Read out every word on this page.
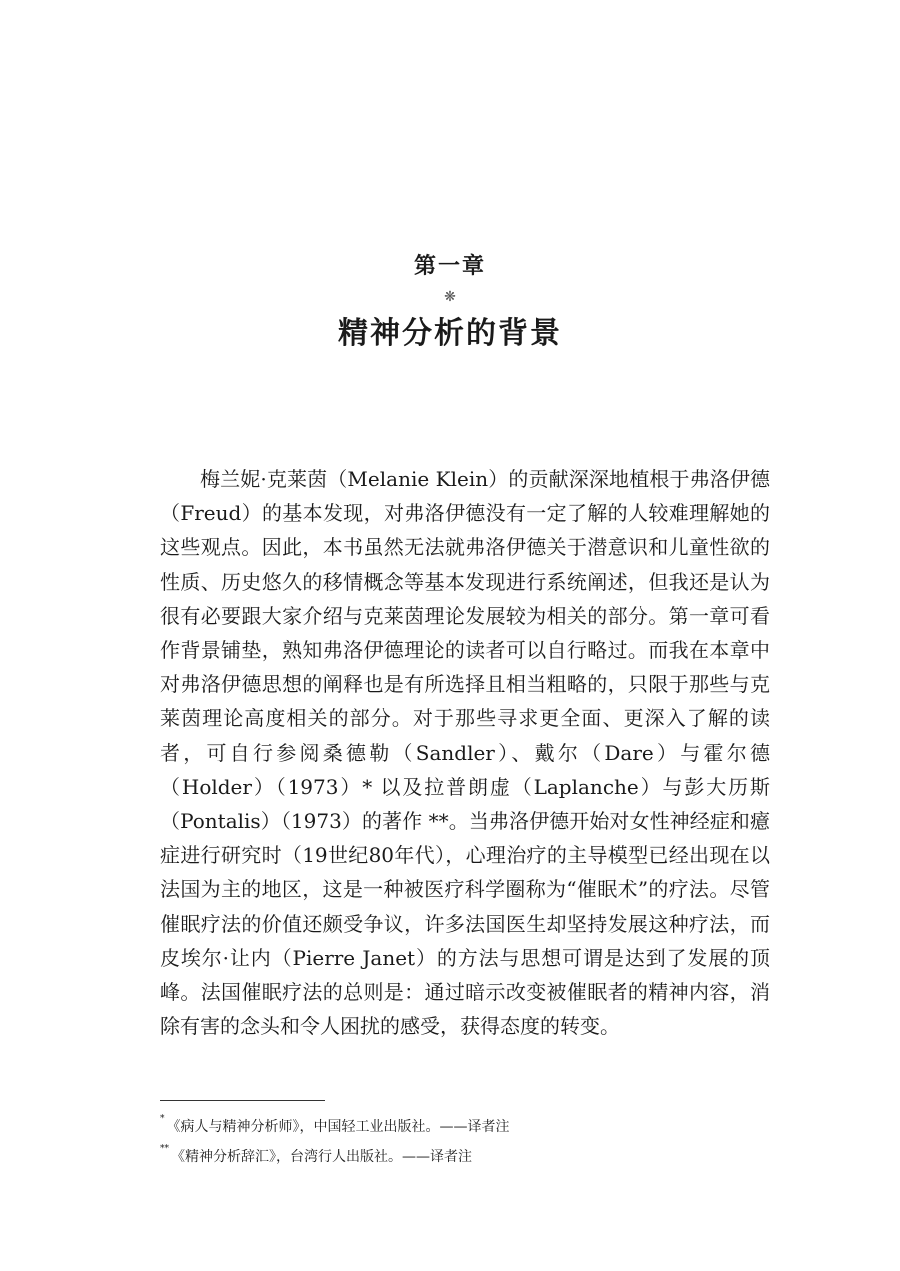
第一章
❋
精神分析的背景

梅兰妮·克莱茵（Melanie Klein）的贡献深深地植根于弗洛伊德（Freud）的基本发现，对弗洛伊德没有一定了解的人较难理解她的这些观点。因此，本书虽然无法就弗洛伊德关于潜意识和儿童性欲的性质、历史悠久的移情概念等基本发现进行系统阐述，但我还是认为很有必要跟大家介绍与克莱茵理论发展较为相关的部分。第一章可看作背景铺垫，熟知弗洛伊德理论的读者可以自行略过。而我在本章中对弗洛伊德思想的阐释也是有所选择且相当粗略的，只限于那些与克莱茵理论高度相关的部分。对于那些寻求更全面、更深入了解的读者，可自行参阅桑德勒（Sandler）、戴尔（Dare）与霍尔德（Holder）（1973）* 以及拉普朗虚（Laplanche）与彭大历斯（Pontalis）（1973）的著作 **。当弗洛伊德开始对女性神经症和癔症进行研究时（19世纪80年代），心理治疗的主导模型已经出现在以法国为主的地区，这是一种被医疗科学圈称为“催眠术”的疗法。尽管催眠疗法的价值还颇受争议，许多法国医生却坚持发展这种疗法，而皮埃尔·让内（Pierre Janet）的方法与思想可谓是达到了发展的顶峰。法国催眠疗法的总则是：通过暗示改变被催眠者的精神内容，消除有害的念头和令人困扰的感受，获得态度的转变。

* 《病人与精神分析师》，中国轻工业出版社。——译者注
** 《精神分析辞汇》，台湾行人出版社。——译者注
